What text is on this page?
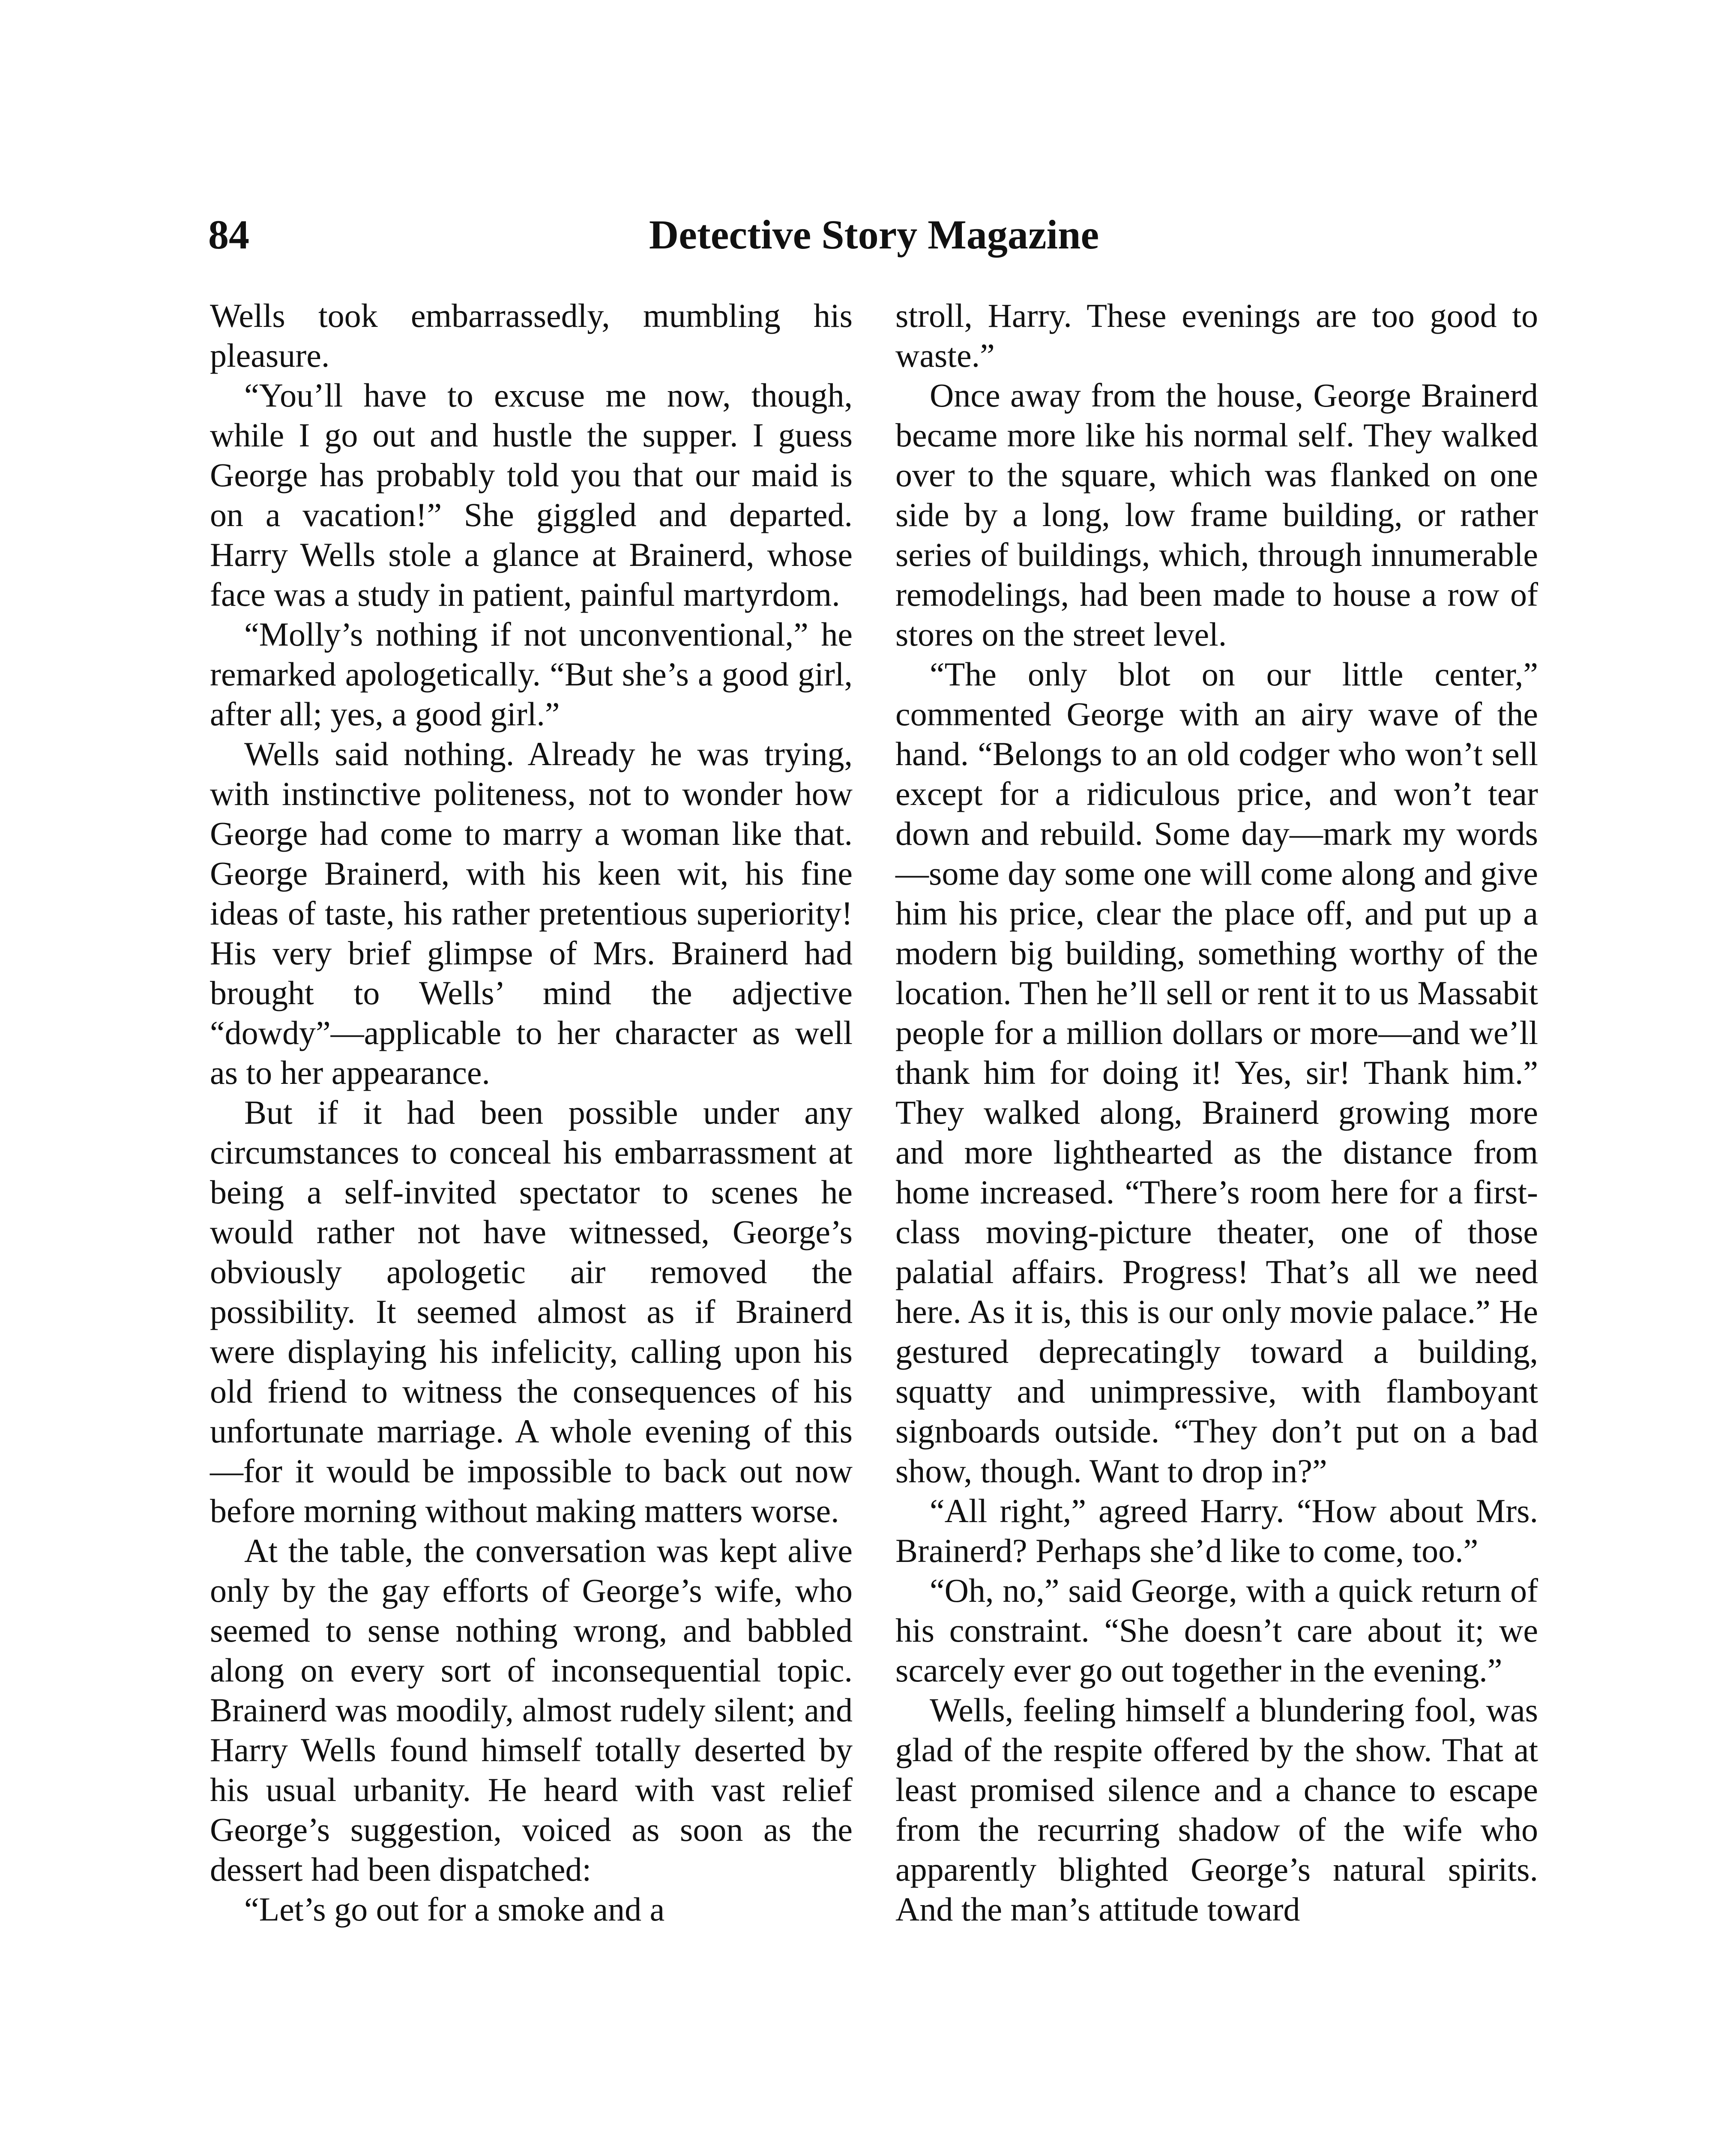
84	Detective Story Magazine

Wells took embarrassedly, mumbling his pleasure.

“You’ll have to excuse me now, though, while I go out and hustle the supper. I guess George has probably told you that our maid is on a vacation!” She giggled and departed. Harry Wells stole a glance at Brainerd, whose face was a study in patient, painful martyrdom.

“Molly’s nothing if not unconventional,” he remarked apologetically. “But she’s a good girl, after all; yes, a good girl.”

Wells said nothing. Already he was trying, with instinctive politeness, not to wonder how George had come to marry a woman like that. George Brainerd, with his keen wit, his fine ideas of taste, his rather pretentious superiority! His very brief glimpse of Mrs. Brainerd had brought to Wells’ mind the adjective “dowdy”—applicable to her character as well as to her appearance.

But if it had been possible under any circumstances to conceal his embarrassment at being a self-invited spectator to scenes he would rather not have witnessed, George’s obviously apologetic air removed the possibility. It seemed almost as if Brainerd were displaying his infelicity, calling upon his old friend to witness the consequences of his unfortunate marriage. A whole evening of this—for it would be impossible to back out now before morning without making matters worse.

At the table, the conversation was kept alive only by the gay efforts of George’s wife, who seemed to sense nothing wrong, and babbled along on every sort of inconsequential topic. Brainerd was moodily, almost rudely silent; and Harry Wells found himself totally deserted by his usual urbanity. He heard with vast relief George’s suggestion, voiced as soon as the dessert had been dispatched:

“Let’s go out for a smoke and a

stroll, Harry. These evenings are too good to waste.”

Once away from the house, George Brainerd became more like his normal self. They walked over to the square, which was flanked on one side by a long, low frame building, or rather series of buildings, which, through innumerable remodelings, had been made to house a row of stores on the street level.

“The only blot on our little center,” commented George with an airy wave of the hand. “Belongs to an old codger who won’t sell except for a ridiculous price, and won’t tear down and rebuild. Some day—mark my words—some day some one will come along and give him his price, clear the place off, and put up a modern big building, something worthy of the location. Then he’ll sell or rent it to us Massabit people for a million dollars or more—and we’ll thank him for doing it! Yes, sir! Thank him.” They walked along, Brainerd growing more and more lighthearted as the distance from home increased. “There’s room here for a first-class moving-picture theater, one of those palatial affairs. Progress! That’s all we need here. As it is, this is our only movie palace.” He gestured deprecatingly toward a building, squatty and unimpressive, with flamboyant signboards outside. “They don’t put on a bad show, though. Want to drop in?”

“All right,” agreed Harry. “How about Mrs. Brainerd? Perhaps she’d like to come, too.”

“Oh, no,” said George, with a quick return of his constraint. “She doesn’t care about it; we scarcely ever go out together in the evening.”

Wells, feeling himself a blundering fool, was glad of the respite offered by the show. That at least promised silence and a chance to escape from the recurring shadow of the wife who apparently blighted George’s natural spirits. And the man’s attitude toward
